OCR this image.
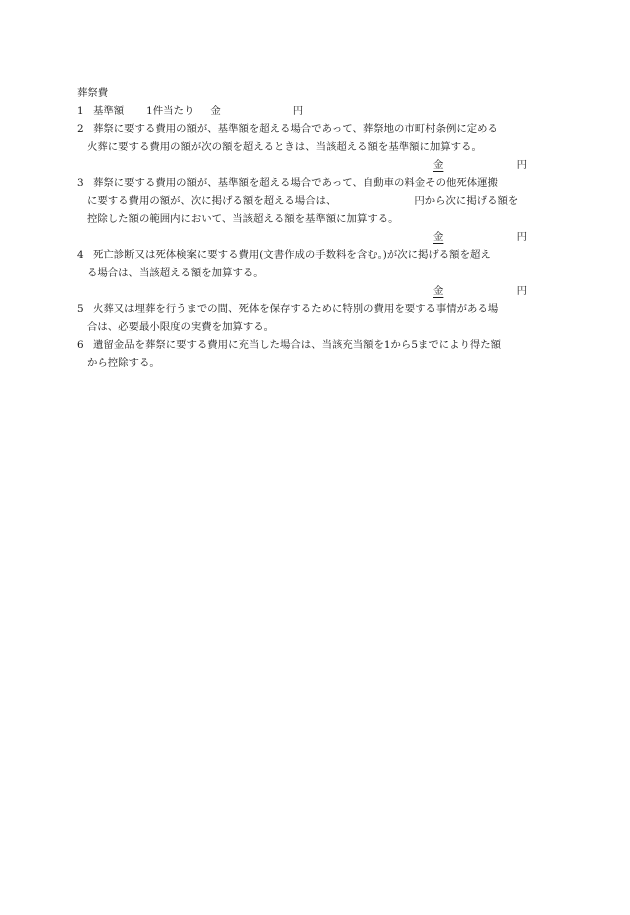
葬祭費
1 基準額 1件当たり 金	円
2 葬祭に要する費用の額が、基準額を超える場合であって、葬祭地の市町村条例に定める
火葬に要する費用の額が次の額を超えるときは、当該超える額を基準額に加算する。
金	円
3 葬祭に要する費用の額が、基準額を超える場合であって、自動車の料金その他死体運搬
に要する費用の額が、次に掲げる額を超える場合は、	円から次に掲げる額を
控除した額の範囲内において、当該超える額を基準額に加算する。
金	円
4 死亡診断又は死体検案に要する費用(文書作成の手数料を含む。)が次に掲げる額を超え
る場合は、当該超える額を加算する。
金	円
5 火葬又は埋葬を行うまでの間、死体を保存するために特別の費用を要する事情がある場
合は、必要最小限度の実費を加算する。
6 遺留金品を葬祭に要する費用に充当した場合は、当該充当額を1から5までにより得た額
から控除する。
